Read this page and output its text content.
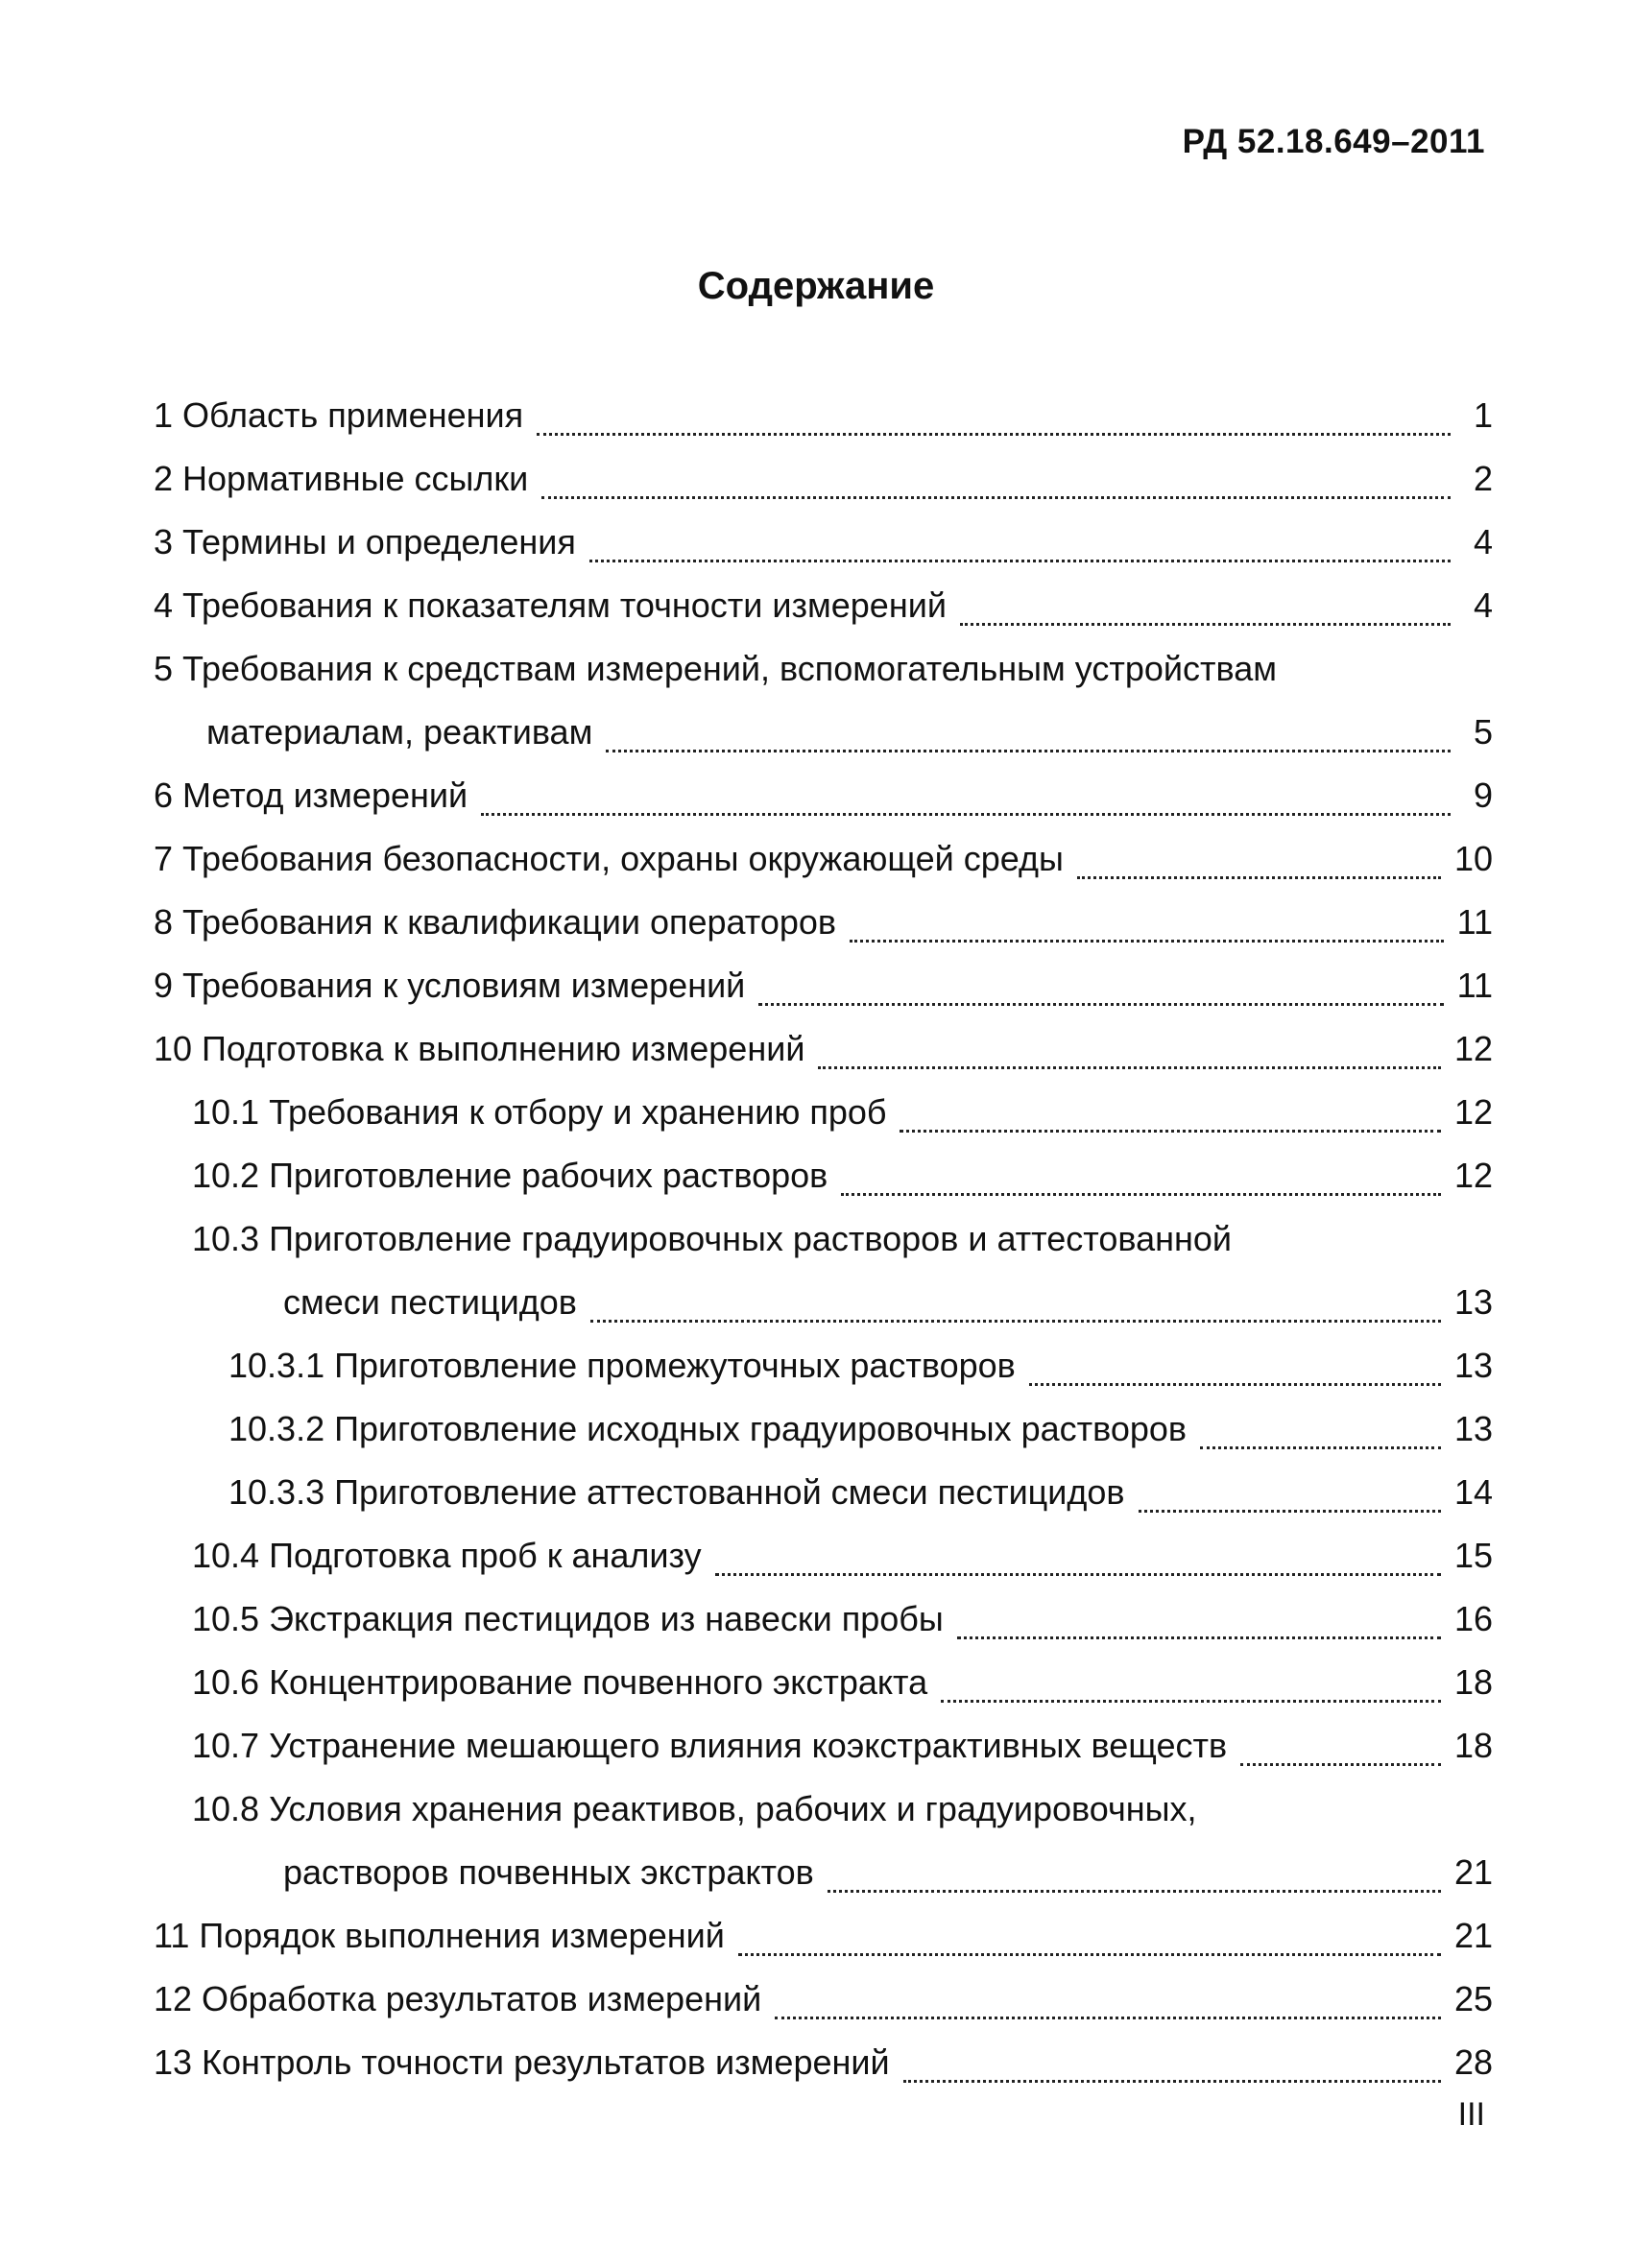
РД 52.18.649–2011
Содержание
1 Область применения	1
2 Нормативные ссылки	2
3 Термины и определения	4
4 Требования к показателям точности измерений	4
5 Требования к средствам измерений, вспомогательным устройствам
материалам, реактивам	5
6 Метод измерений	9
7 Требования безопасности, охраны окружающей среды	10
8 Требования к квалификации операторов	11
9 Требования к условиям измерений	11
10 Подготовка к выполнению измерений	12
10.1 Требования к отбору и хранению проб	12
10.2 Приготовление рабочих растворов	12
10.3 Приготовление градуировочных растворов и аттестованной
смеси пестицидов	13
10.3.1 Приготовление промежуточных растворов	13
10.3.2 Приготовление исходных градуировочных растворов	13
10.3.3 Приготовление аттестованной смеси пестицидов	14
10.4 Подготовка проб к анализу	15
10.5 Экстракция пестицидов из навески пробы	16
10.6 Концентрирование почвенного экстракта	18
10.7 Устранение мешающего влияния коэкстрактивных веществ	18
10.8 Условия хранения реактивов, рабочих и градуировочных,
растворов почвенных экстрактов	21
11 Порядок выполнения измерений	21
12 Обработка результатов измерений	25
13 Контроль точности результатов измерений	28
III
